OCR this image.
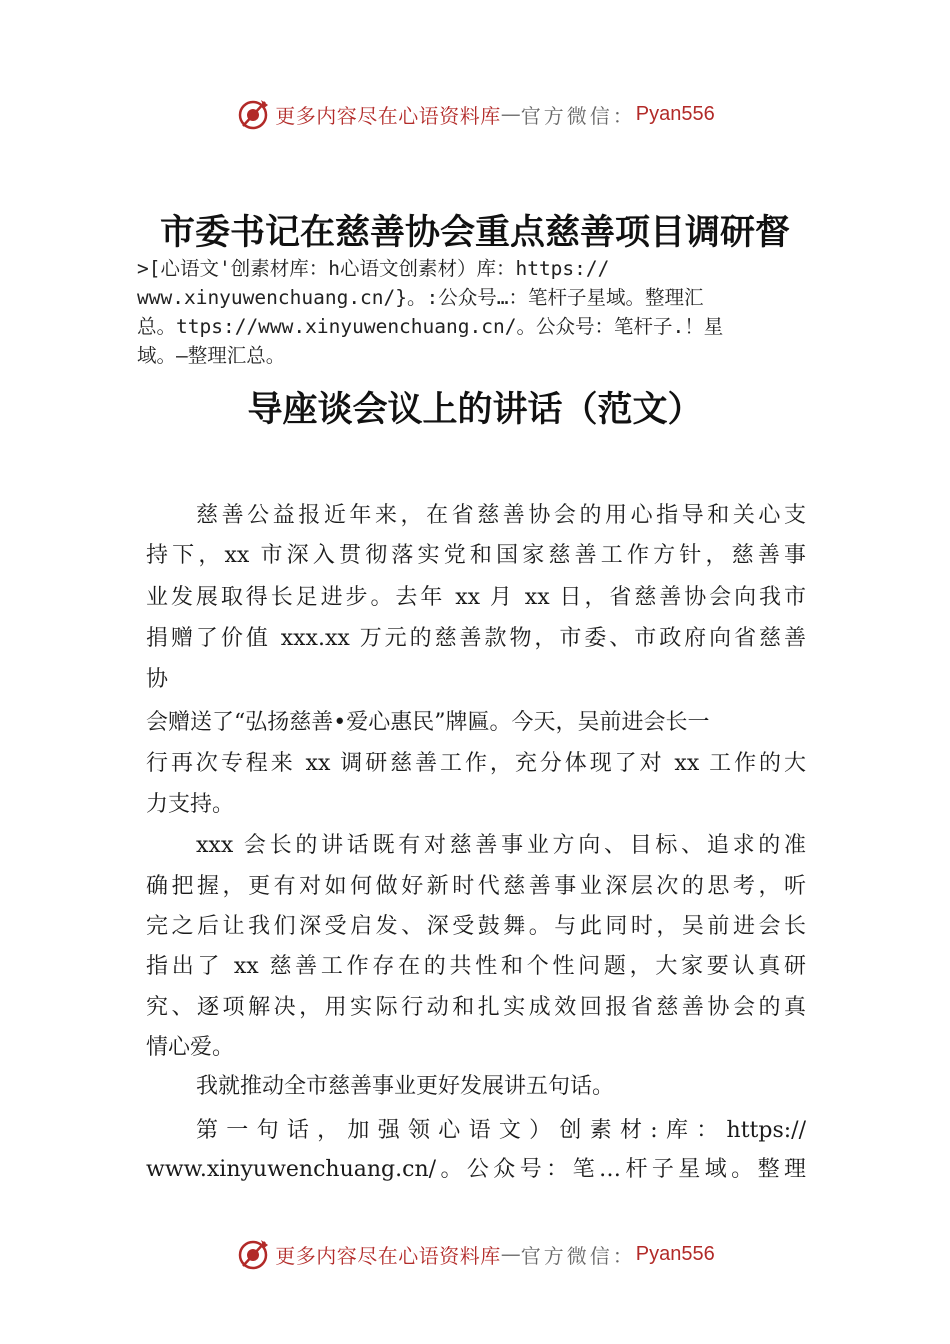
更多内容尽在心语资料库 — 官方微信： Pyan556
市委书记在慈善协会重点慈善项目调研督
>[心语文'创素材库：h心语文创素材）库：https://
www.xinyuwenchuang.cn/}。:公众号…：笔杆子星域。整理汇
总。ttps://www.xinyuwenchuang.cn/。公众号：笔杆子.！星
域。—整理汇总。
导座谈会议上的讲话（范文）
慈善公益报近年来，在省慈善协会的用心指导和关心支
持下，xx 市深入贯彻落实党和国家慈善工作方针，慈善事
业发展取得长足进步。去年 xx 月 xx 日，省慈善协会向我市
捐赠了价值 xxx.xx 万元的慈善款物，市委、市政府向省慈善
协
会赠送了“弘扬慈善•爱心惠民”牌匾。今天，吴前进会长一
行再次专程来 xx 调研慈善工作，充分体现了对 xx 工作的大
力支持。
xxx 会长的讲话既有对慈善事业方向、目标、追求的准
确把握，更有对如何做好新时代慈善事业深层次的思考，听
完之后让我们深受启发、深受鼓舞。与此同时，吴前进会长
指出了 xx 慈善工作存在的共性和个性问题，大家要认真研
究、逐项解决，用实际行动和扎实成效回报省慈善协会的真
情心爱。
我就推动全市慈善事业更好发展讲五句话。
第一句话，加强领心语文）创素材:库：https://
www.xinyuwenchuang.cn/。公众号：笔…杆子星域。整理
更多内容尽在心语资料库 — 官方微信： Pyan556
